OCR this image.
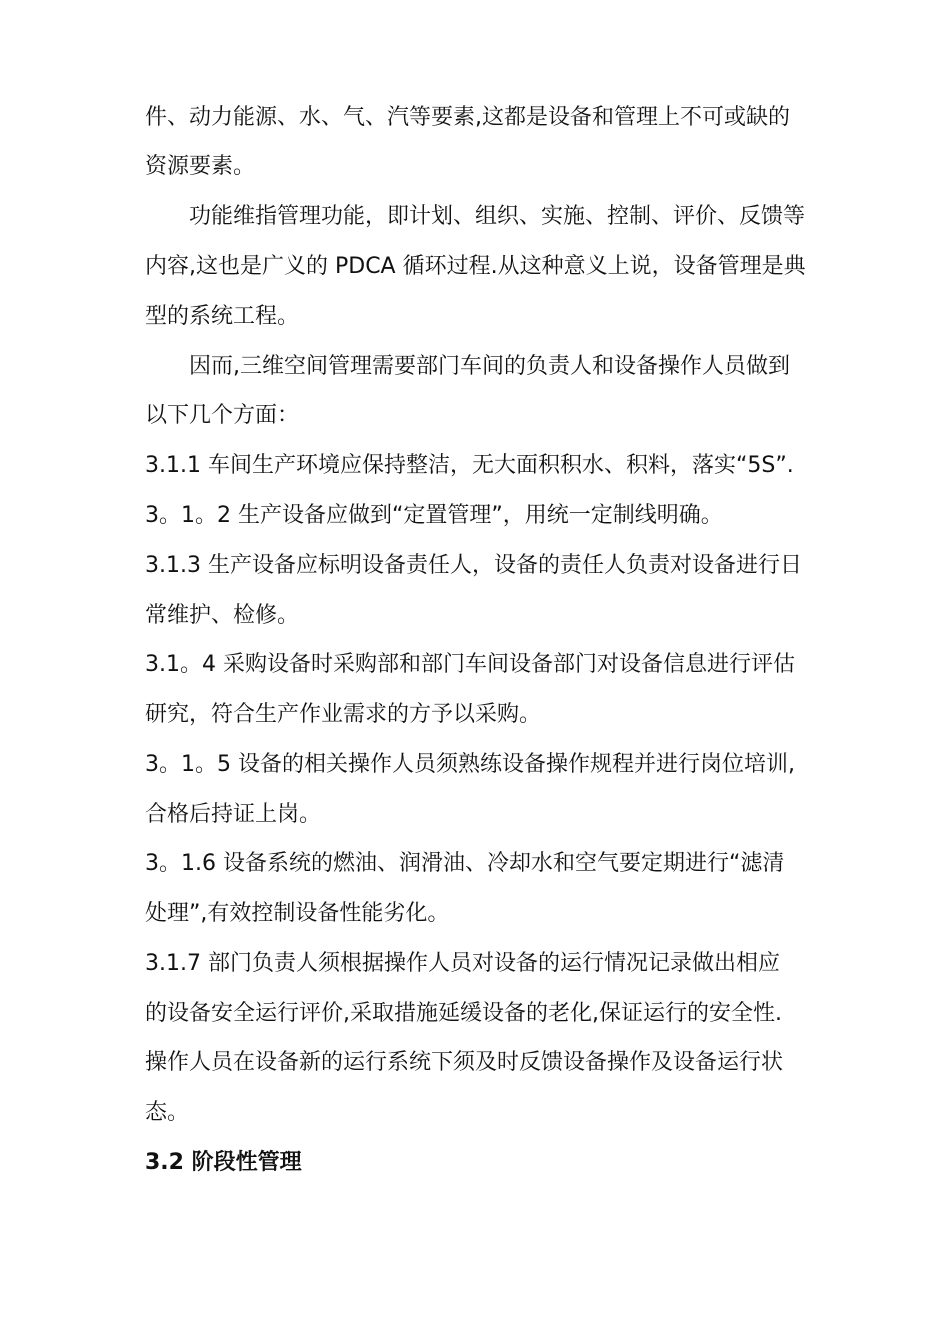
件、动力能源、水、气、汽等要素,这都是设备和管理上不可或缺的
资源要素。
功能维指管理功能，即计划、组织、实施、控制、评价、反馈等
内容,这也是广义的 PDCA 循环过程.从这种意义上说，设备管理是典
型的系统工程。
因而,三维空间管理需要部门车间的负责人和设备操作人员做到
以下几个方面：
3.1.1 车间生产环境应保持整洁，无大面积积水、积料，落实“5S”.
3。1。2 生产设备应做到“定置管理”，用统一定制线明确。
3.1.3 生产设备应标明设备责任人，设备的责任人负责对设备进行日
常维护、检修。
3.1。4 采购设备时采购部和部门车间设备部门对设备信息进行评估
研究，符合生产作业需求的方予以采购。
3。1。5 设备的相关操作人员须熟练设备操作规程并进行岗位培训,
合格后持证上岗。
3。1.6 设备系统的燃油、润滑油、冷却水和空气要定期进行“滤清
处理”,有效控制设备性能劣化。
3.1.7 部门负责人须根据操作人员对设备的运行情况记录做出相应
的设备安全运行评价,采取措施延缓设备的老化,保证运行的安全性.
操作人员在设备新的运行系统下须及时反馈设备操作及设备运行状
态。
3.2 阶段性管理
